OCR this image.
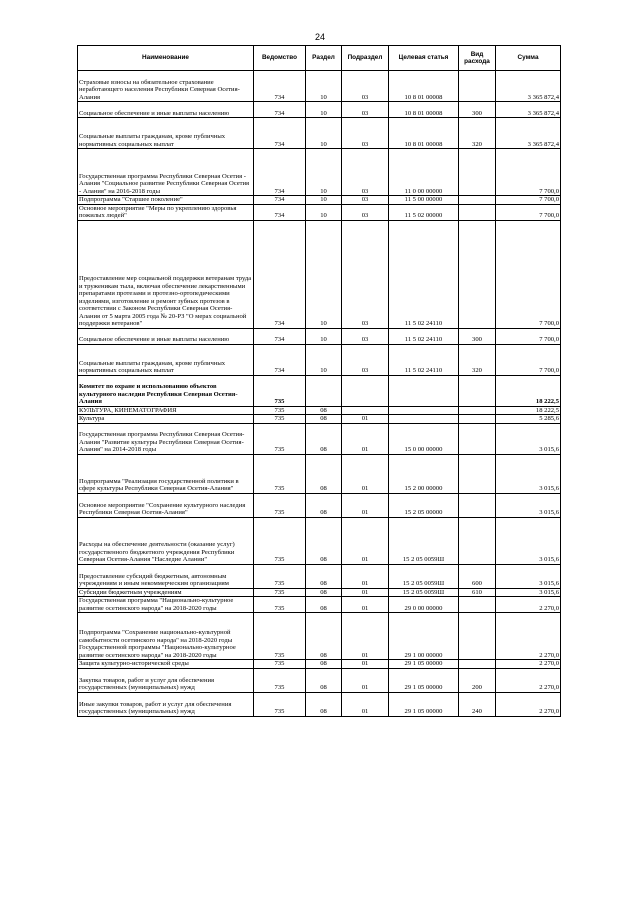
24
Наименование	Ведомство	Раздел	Подраздел	Целевая статья	Вид расхода	Сумма
Страховые взносы на обязательное страхование неработающего населения Республики Северная Осетия-Алания	734	10	03	10 8 01 00008		3 365 872,4
Социальное обеспечение и иные выплаты населению	734	10	03	10 8 01 00008	300	3 365 872,4
Социальные выплаты гражданам, кроме публичных нормативных социальных выплат	734	10	03	10 8 01 00008	320	3 365 872,4
Государственная программа Республики Северная Осетия - Алания "Социальное развитие Республики Северная Осетия - Алания" на 2016-2018 годы	734	10	03	11 0 00 00000		7 700,0
Подпрограмма "Старшее поколение"	734	10	03	11 5 00 00000		7 700,0
Основное мероприятие "Меры по укреплению здоровья пожилых людей"	734	10	03	11 5 02 00000		7 700,0
Предоставление мер социальной поддержки ветеранам труда и труженикам тыла, включая обеспечение лекарственными препаратами протезами и протезно-ортопедическими изделиями, изготовление и ремонт зубных протезов в соответствии с Законом Республики Северная Осетия-Алания от 5 марта 2005 года № 20-РЗ "О мерах социальной поддержки ветеранов"	734	10	03	11 5 02 24110		7 700,0
Социальное обеспечение и иные выплаты населению	734	10	03	11 5 02 24110	300	7 700,0
Социальные выплаты гражданам, кроме публичных нормативных социальных выплат	734	10	03	11 5 02 24110	320	7 700,0
Комитет по охране и использованию объектов культурного наследия Республики Северная Осетия-Алания	735					18 222,5
КУЛЬТУРА, КИНЕМАТОГРАФИЯ	735	08				18 222,5
Культура	735	08	01			5 285,6
Государственная программа Республики Северная Осетия-Алания "Развитие культуры Республики Северная Осетия-Алания" на 2014-2018 годы	735	08	01	15 0 00 00000		3 015,6
Подпрограмма "Реализация государственной политики в сфере культуры Республики Северная Осетия-Алания"	735	08	01	15 2 00 00000		3 015,6
Основное мероприятие "Сохранение культурного наследия Республики Северная Осетия-Алания"	735	08	01	15 2 05 00000		3 015,6
Расходы на обеспечение деятельности (оказание услуг) государственного бюджетного учреждения Республики Северная Осетия-Алания "Наследие Алании"	735	08	01	15 2 05 0059Ш		3 015,6
Предоставление субсидий бюджетным, автономным учреждениям и иным некоммерческим организациям	735	08	01	15 2 05 0059Ш	600	3 015,6
Субсидии бюджетным учреждениям	735	08	01	15 2 05 0059Ш	610	3 015,6
Государственная программа "Национально-культурное развитие осетинского народа" на 2018-2020 годы	735	08	01	29 0 00 00000		2 270,0
Подпрограмма "Сохранение национально-культурной самобытности осетинского народа" на 2018-2020 годы Государственной программы "Национально-культурное развитие осетинского народа" на 2018-2020 годы	735	08	01	29 1 00 00000		2 270,0
Защита культурно-исторической среды	735	08	01	29 1 05 00000		2 270,0
Закупка товаров, работ и услуг для обеспечения государственных (муниципальных) нужд	735	08	01	29 1 05 00000	200	2 270,0
Иные закупки товаров, работ и услуг для обеспечения государственных (муниципальных) нужд	735	08	01	29 1 05 00000	240	2 270,0
